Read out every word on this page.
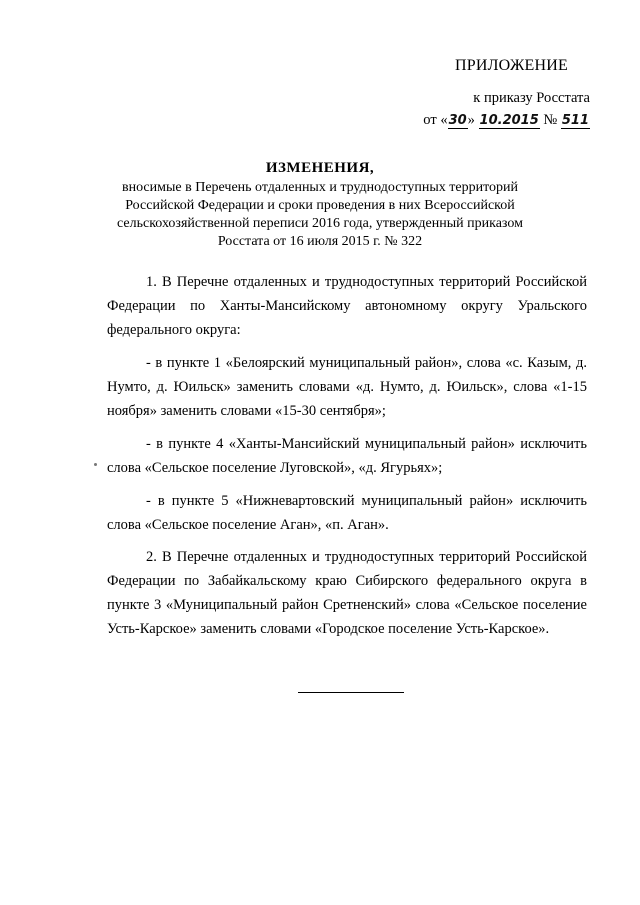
ПРИЛОЖЕНИЕ
к приказу Росстата
от «30» 10.2015 № 511
ИЗМЕНЕНИЯ,
вносимые в Перечень отдаленных и труднодоступных территорий
Российской Федерации и сроки проведения в них Всероссийской
сельскохозяйственной переписи 2016 года, утвержденный приказом
Росстата от 16 июля 2015 г. № 322

1. В Перечне отдаленных и труднодоступных территорий Российской Федерации по Ханты-Мансийскому автономному округу Уральского федерального округа:

- в пункте 1 «Белоярский муниципальный район», слова «с. Казым, д. Нумто, д. Юильск» заменить словами «д. Нумто, д. Юильск», слова «1-15 ноября» заменить словами «15-30 сентября»;

- в пункте 4 «Ханты-Мансийский муниципальный район» исключить слова «Сельское поселение Луговской», «д. Ягурьях»;

- в пункте 5 «Нижневартовский муниципальный район» исключить слова «Сельское поселение Аган», «п. Аган».

2. В Перечне отдаленных и труднодоступных территорий Российской Федерации по Забайкальскому краю Сибирского федерального округа в пункте 3 «Муниципальный район Сретненский» слова «Сельское поселение Усть-Карское» заменить словами «Городское поселение Усть-Карское».
